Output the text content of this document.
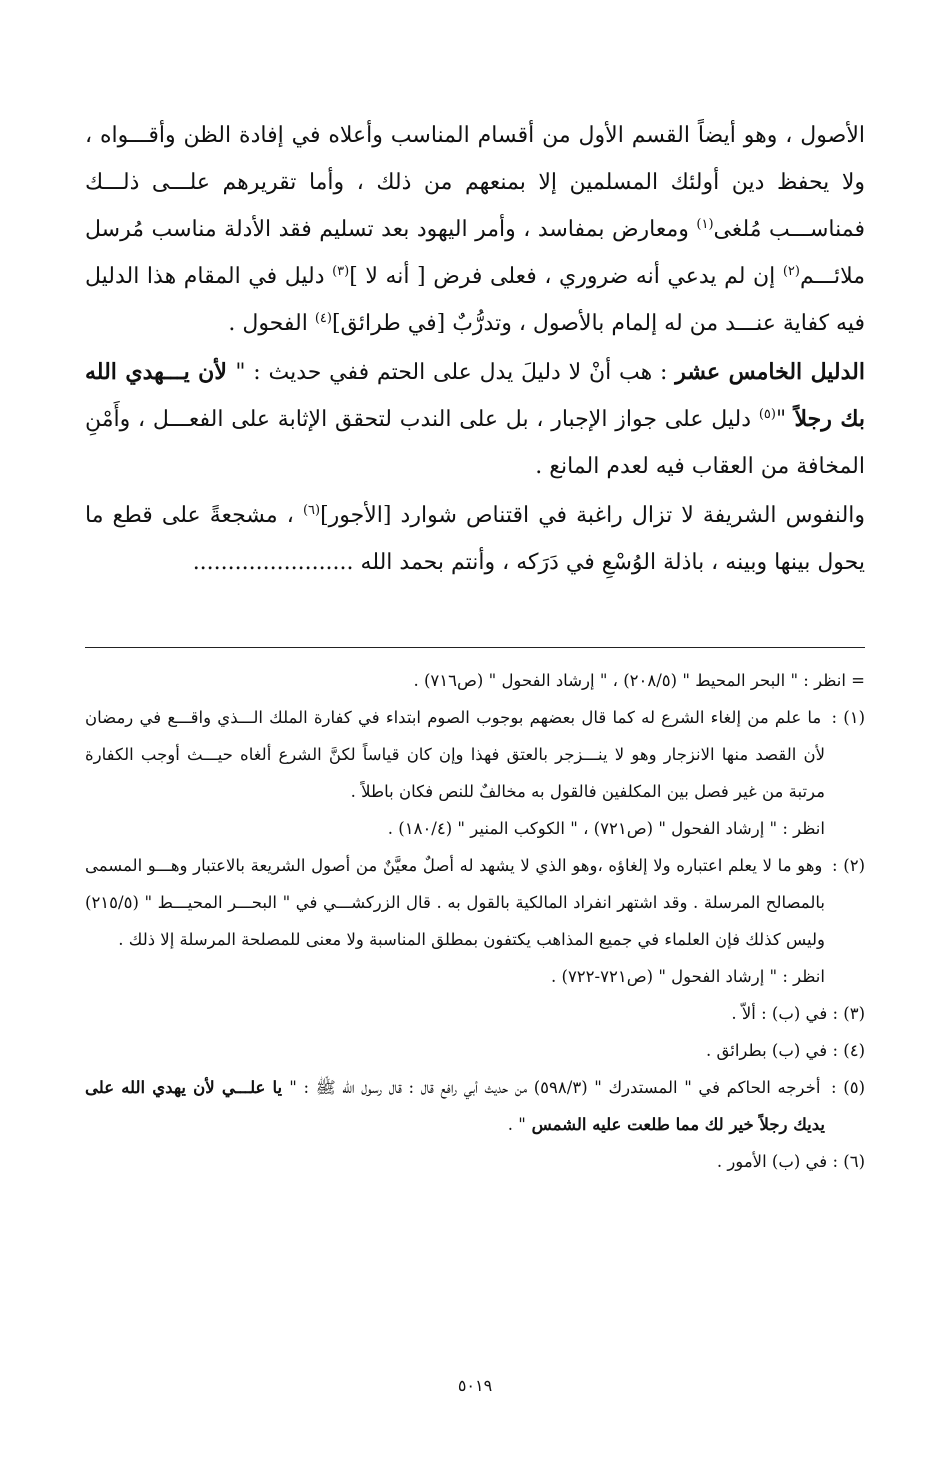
الأصول ، وهو أيضاً القسم الأول من أقسام المناسب وأعلاه في إفادة الظن وأقـــواه ، ولا يحفظ دين أولئك المسلمين إلا بمنعهم من ذلك ، وأما تقريرهم علـــى ذلـــك فمناســـب مُلغى$^{(١)}$ ومعارض بمفاسد ، وأمر اليهود بعد تسليم فقد الأدلة مناسب مُرسل ملائـــم$^{(٢)}$ إن لم يدعي أنه ضروري ، فعلى فرض [ أنه لا ]$^{(٣)}$ دليل في المقام هذا الدليل فيه كفاية عنـــد من له إلمام بالأصول ، وتدرُّبٌ [في طرائق]$^{(٤)}$ الفحول .

الدليل الخامس عشر : هب أنْ لا دليلَ يدل على الحتم ففي حديث : " لأن يـــهدي الله بك رجلاً "$^{(٥)}$ دليل على جواز الإجبار ، بل على الندب لتحقق الإثابة على الفعـــل ، وأَمْنِ المخافة من العقاب فيه لعدم المانع .

والنفوس الشريفة لا تزال راغبة في اقتناص شوارد [الأجور]$^{(٦)}$ ، مشجعةً على قطع ما يحول بينها وبينه ، باذلة الوُسْعِ في دَرَكه ، وأنتم بحمد الله .......................

= انظر : " البحر المحيط " (٢٠٨/٥) ، " إرشاد الفحول " (ص٧١٦) .

(١) : ما علم من إلغاء الشرع له كما قال بعضهم بوجوب الصوم ابتداء في كفارة الملك الـــذي واقـــع في رمضان لأن القصد منها الانزجار وهو لا ينـــزجر بالعتق فهذا وإن كان قياساً لكنَّ الشرع ألغاه حيـــث أوجب الكفارة مرتبة من غير فصل بين المكلفين فالقول به مخالفٌ للنص فكان باطلاً .

انظر : " إرشاد الفحول " (ص٧٢١) ، " الكوكب المنير " (١٨٠/٤) .

(٢) : وهو ما لا يعلم اعتباره ولا إلغاؤه ،وهو الذي لا يشهد له أصلٌ معيَّنٌ من أصول الشريعة بالاعتبار وهـــو المسمى بالمصالح المرسلة . وقد اشتهر انفراد المالكية بالقول به . قال الزركشـــي في " البحـــر المحيـــط " (٢١٥/٥) وليس كذلك فإن العلماء في جميع المذاهب يكتفون بمطلق المناسبة ولا معنى للمصلحة المرسلة إلا ذلك .

انظر : " إرشاد الفحول " (ص٧٢١-٧٢٢) .

(٣) : في (ب) : ألاّ .

(٤) : في (ب) بطرائق .

(٥) : أخرجه الحاكم في " المستدرك " (٥٩٨/٣) من حديث أبي رافع قال : قال رسول الله ﷺ : " يا علـــي لأن يهدي الله على يديك رجلاً خير لك مما طلعت عليه الشمس " .

(٦) : في (ب) الأمور .

٥٠١٩
